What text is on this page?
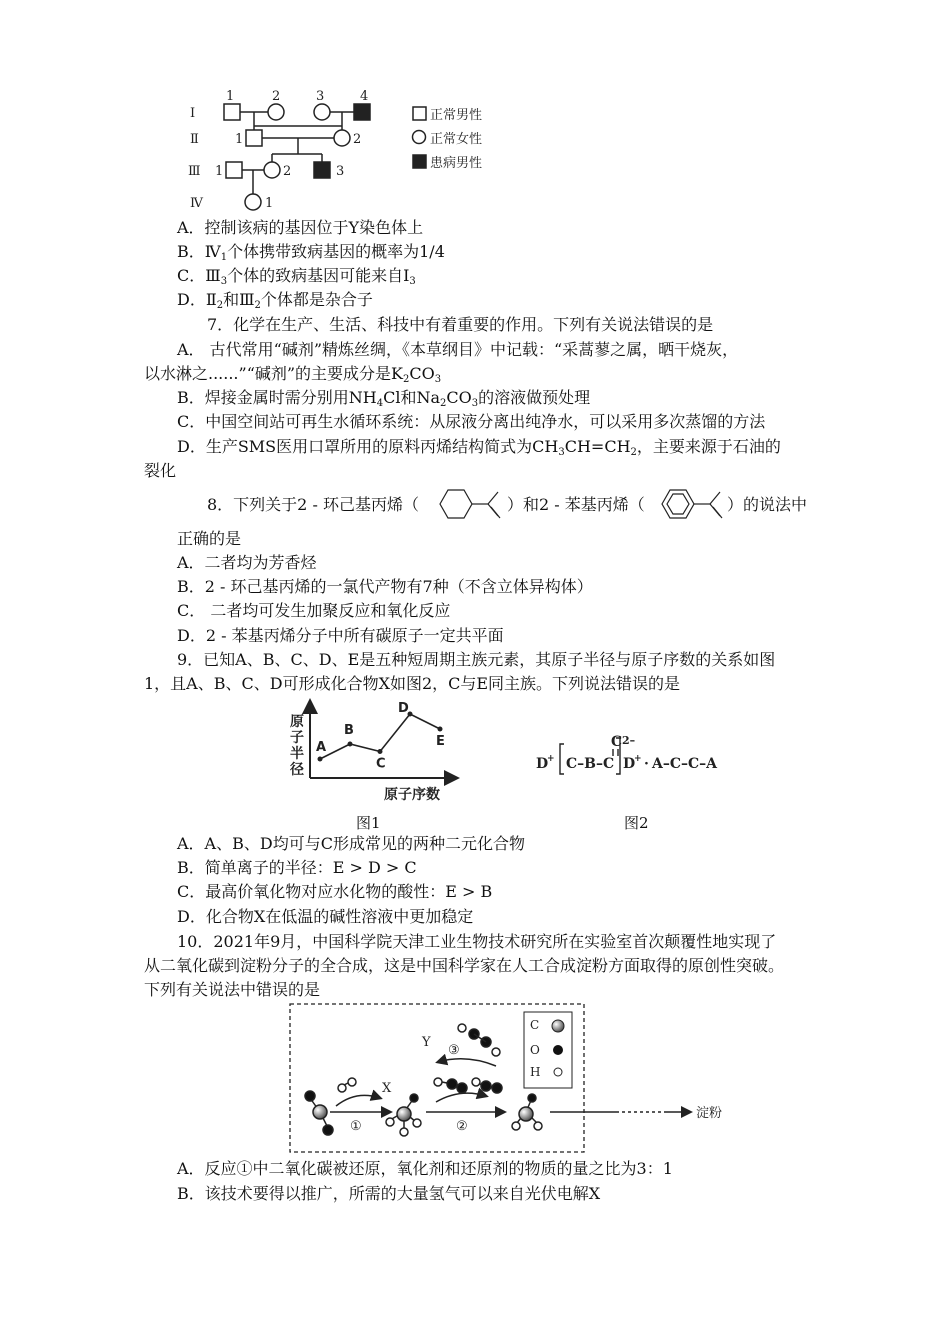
Ⅰ
Ⅱ
Ⅲ
Ⅳ
1	2	3	4
1	2
1	2	3
1
正常男性
正常女性
患病男性
A．控制该病的基因位于Y染色体上
B．$Ⅳ_1$个体携带致病基因的概率为1/4
C．$Ⅲ_3$个体的致病基因可能来自$Ⅰ_3$
D．$Ⅱ_2$和$Ⅲ_2$个体都是杂合子
7．化学在生产、生活、科技中有着重要的作用。下列有关说法错误的是
A． 古代常用“碱剂”精炼丝绸，《本草纲目》中记载：“采蒿蓼之属，晒干烧灰，
以水淋之......”“碱剂”的主要成分是$K_2CO_3$
B．焊接金属时需分别用$NH_4Cl$和$Na_2CO_3$的溶液做预处理
C．中国空间站可再生水循环系统：从尿液分离出纯净水，可以采用多次蒸馏的方法
D．生产SMS医用口罩所用的原料丙烯结构简式为$CH_3CH=CH_2$，主要来源于石油的
裂化
8．下列关于2 - 环己基丙烯（	）和2 - 苯基丙烯（	）的说法中
正确的是
A．二者均为芳香烃
B．2 - 环己基丙烯的一氯代产物有7种（不含立体异构体）
C． 二者均可发生加聚反应和氧化反应
D．2 - 苯基丙烯分子中所有碳原子一定共平面
9．已知A、B、C、D、E是五种短周期主族元素，其原子半径与原子序数的关系如图
1，且A、B、C、D可形成化合物X如图2，C与E同主族。下列说法错误的是
原
子
半
径
原子序数
A
B
C
D
E
图1
D
+ C–B–C
C
D
+ · A–C–C–A
2–
图2
A．A、B、D均可与C形成常见的两种二元化合物
B．简单离子的半径：E > D > C
C．最高价氧化物对应水化物的酸性：E > B
D．化合物X在低温的碱性溶液中更加稳定
10．2021年9月，中国科学院天津工业生物技术研究所在实验室首次颠覆性地实现了
从二氧化碳到淀粉分子的全合成，这是中国科学家在人工合成淀粉方面取得的原创性突破。
下列有关说法中错误的是
C
O
H
X
Y
①	②
③
淀粉
A．反应①中二氧化碳被还原，氧化剂和还原剂的物质的量之比为3：1
B．该技术要得以推广，所需的大量氢气可以来自光伏电解X
